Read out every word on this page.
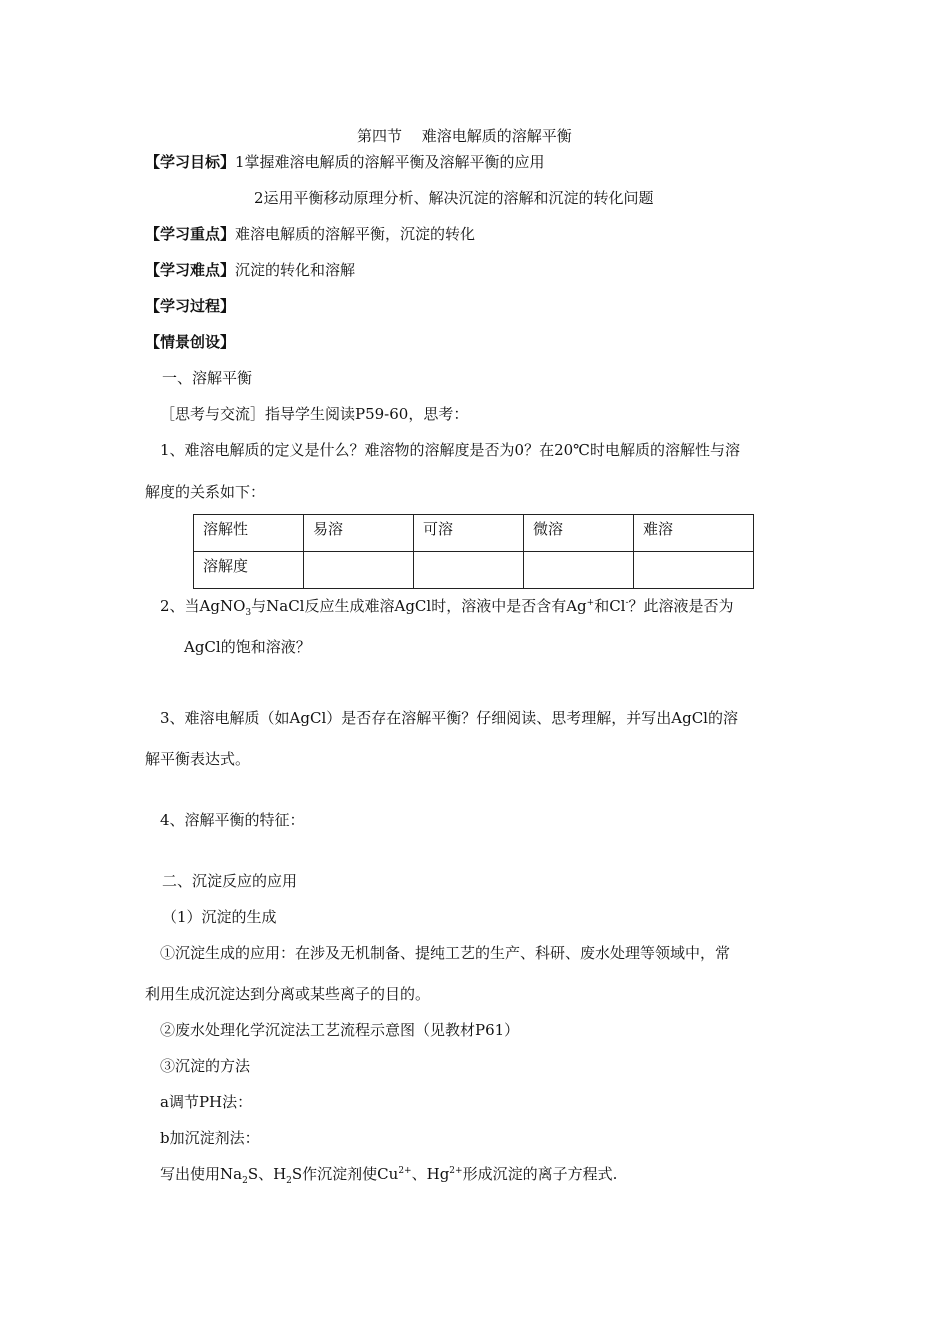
第四节　 难溶电解质的溶解平衡
【学习目标】1掌握难溶电解质的溶解平衡及溶解平衡的应用
2运用平衡移动原理分析、解决沉淀的溶解和沉淀的转化问题
【学习重点】难溶电解质的溶解平衡，沉淀的转化
【学习难点】沉淀的转化和溶解
【学习过程】
【情景创设】
一、溶解平衡
［思考与交流］指导学生阅读P59-60，思考：
1、难溶电解质的定义是什么？难溶物的溶解度是否为0？在20℃时电解质的溶解性与溶
解度的关系如下：
溶解性	易溶	可溶	微溶	难溶
溶解度				
2、当AgNO$_3$与NaCl反应生成难溶AgCl时，溶液中是否含有Ag+和Cl-？此溶液是否为
AgCl的饱和溶液？
3、难溶电解质（如AgCl）是否存在溶解平衡？仔细阅读、思考理解，并写出AgCl的溶
解平衡表达式。
4、溶解平衡的特征：
二、沉淀反应的应用
（1）沉淀的生成
①沉淀生成的应用：在涉及无机制备、提纯工艺的生产、科研、废水处理等领域中，常
利用生成沉淀达到分离或某些离子的目的。
②废水处理化学沉淀法工艺流程示意图（见教材P61）
③沉淀的方法
a调节PH法：
b加沉淀剂法：
写出使用$Na_2S$、$H_2S$作沉淀剂使$Cu^{2+}$、$Hg^{2+}$形成沉淀的离子方程式.
